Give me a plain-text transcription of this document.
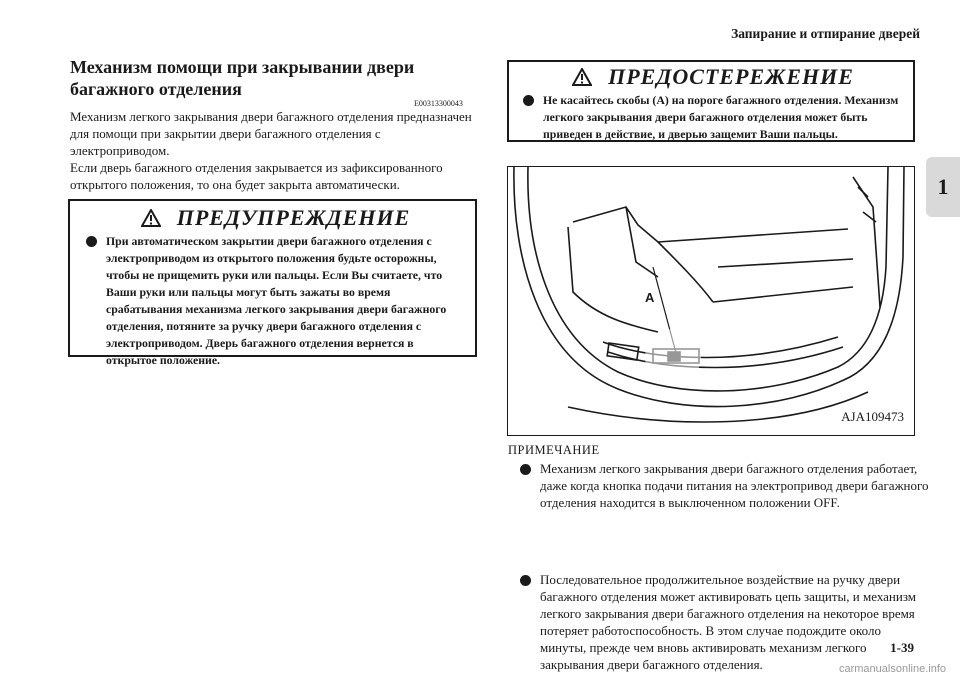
Запирание и отпирание дверей
1
Механизм помощи при закрывании двери багажного отделения
E00313300043

Механизм легкого закрывания двери багажного отделения предназначен для помощи при закрытии двери багажного отделения с электроприводом.

Если дверь багажного отделения закрывается из зафиксированного открытого положения, то она будет закрыта автоматически.

ПРЕДУПРЕЖДЕНИЕ
При автоматическом закрытии двери багажного отделения с электроприводом из открытого положения будьте осторожны, чтобы не прищемить руки или пальцы. Если Вы считаете, что Ваши руки или пальцы могут быть зажаты во время срабатывания механизма легкого закрывания двери багажного отделения, потяните за ручку двери багажного отделения с электроприводом. Дверь багажного отделения вернется в открытое положение.
ПРЕДОСТЕРЕЖЕНИЕ
Не касайтесь скобы (А) на пороге багажного отделения. Механизм легкого закрывания двери багажного отделения может быть приведен в действие, и дверью защемит Ваши пальцы.
A
AJA109473
ПРИМЕЧАНИЕ
Механизм легкого закрывания двери багажного отделения работает, даже когда кнопка подачи питания на электропривод двери багажного отделения находится в выключенном положении OFF.
Последовательное продолжительное воздействие на ручку двери багажного отделения может активировать цепь защиты, и механизм легкого закрывания двери багажного отделения на некоторое время потеряет работоспособность. В этом случае подождите около минуты, прежде чем вновь активировать механизм легкого закрывания двери багажного отделения.
1-39
carmanualsonline.info
